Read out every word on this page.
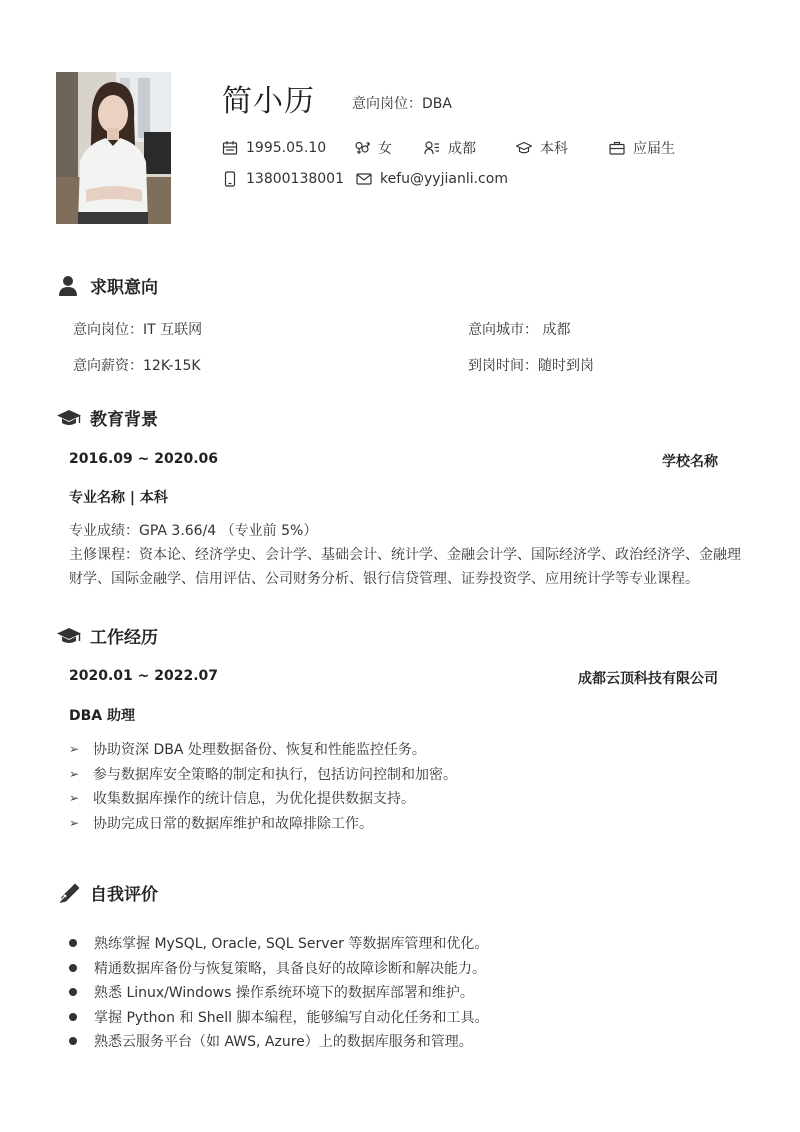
简小历	意向岗位：DBA
1995.05.10	女	成都	本科	应届生
13800138001	kefu@yyjianli.com
求职意向
意向岗位：IT 互联网	意向城市： 成都
意向薪资：12K-15K	到岗时间：随时到岗
教育背景
2016.09 ~ 2020.06	学校名称
专业名称 | 本科
专业成绩：GPA 3.66/4 （专业前 5%）
主修课程：资本论、经济学史、会计学、基础会计、统计学、金融会计学、国际经济学、政治经济学、金融理财学、国际金融学、信用评估、公司财务分析、银行信贷管理、证券投资学、应用统计学等专业课程。
工作经历
2020.01 ~ 2022.07	成都云顶科技有限公司
DBA 助理
➢ 协助资深 DBA 处理数据备份、恢复和性能监控任务。
➢ 参与数据库安全策略的制定和执行，包括访问控制和加密。
➢ 收集数据库操作的统计信息，为优化提供数据支持。
➢ 协助完成日常的数据库维护和故障排除工作。
自我评价
熟练掌握 MySQL, Oracle, SQL Server 等数据库管理和优化。
精通数据库备份与恢复策略，具备良好的故障诊断和解决能力。
熟悉 Linux/Windows 操作系统环境下的数据库部署和维护。
掌握 Python 和 Shell 脚本编程，能够编写自动化任务和工具。
熟悉云服务平台（如 AWS, Azure）上的数据库服务和管理。
